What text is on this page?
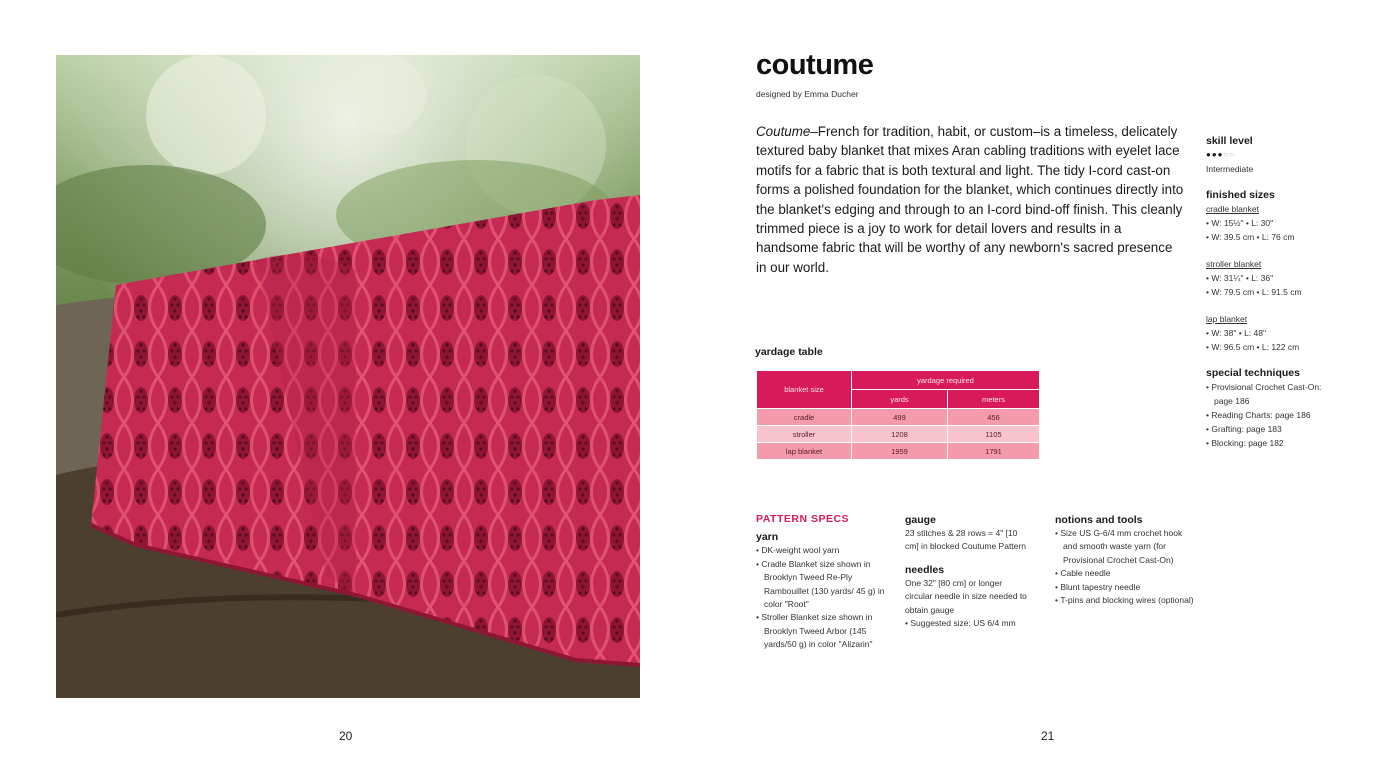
20	21
coutume
designed by Emma Ducher
Coutume–French for tradition, habit, or custom–is a timeless, delicately textured baby blanket that mixes Aran cabling traditions with eyelet lace motifs for a fabric that is both textural and light. The tidy I-cord cast-on forms a polished foundation for the blanket, which continues directly into the blanket's edging and through to an I-cord bind-off finish. This cleanly trimmed piece is a joy to work for detail lovers and results in a handsome fabric that will be worthy of any newborn's sacred presence in our world.
skill level
●●●○○
Intermediate
finished sizes
cradle blanket
• W: 15½" • L: 30"
• W: 39.5 cm • L: 76 cm
stroller blanket
• W: 31¼" • L: 36"
• W: 79.5 cm • L: 91.5 cm
lap blanket
• W: 38" • L: 48"
• W: 96.5 cm • L: 122 cm
special techniques
• Provisional Crochet Cast-On: page 186
• Reading Charts: page 186
• Grafting: page 183
• Blocking: page 182
yardage table
blanket size	yardage required	
	yards	meters
cradle	499	456
stroller	1208	1105
lap blanket	1959	1791
PATTERN SPECS
yarn
• DK-weight wool yarn
• Cradle Blanket size shown in Brooklyn Tweed Re-Ply Rambouillet (130 yards/ 45 g) in color "Root"
• Stroller Blanket size shown in Brooklyn Tweed Arbor (145 yards/50 g) in color "Alizarin"
gauge

23 stitches & 28 rows = 4" [10 cm] in blocked Coutume Pattern

needles

One 32" [80 cm] or longer circular needle in size needed to obtain gauge

• Suggested size: US 6/4 mm
notions and tools
• Size US G-6/4 mm crochet hook and smooth waste yarn (for Provisional Crochet Cast-On)
• Cable needle
• Blunt tapestry needle
• T-pins and blocking wires (optional)
